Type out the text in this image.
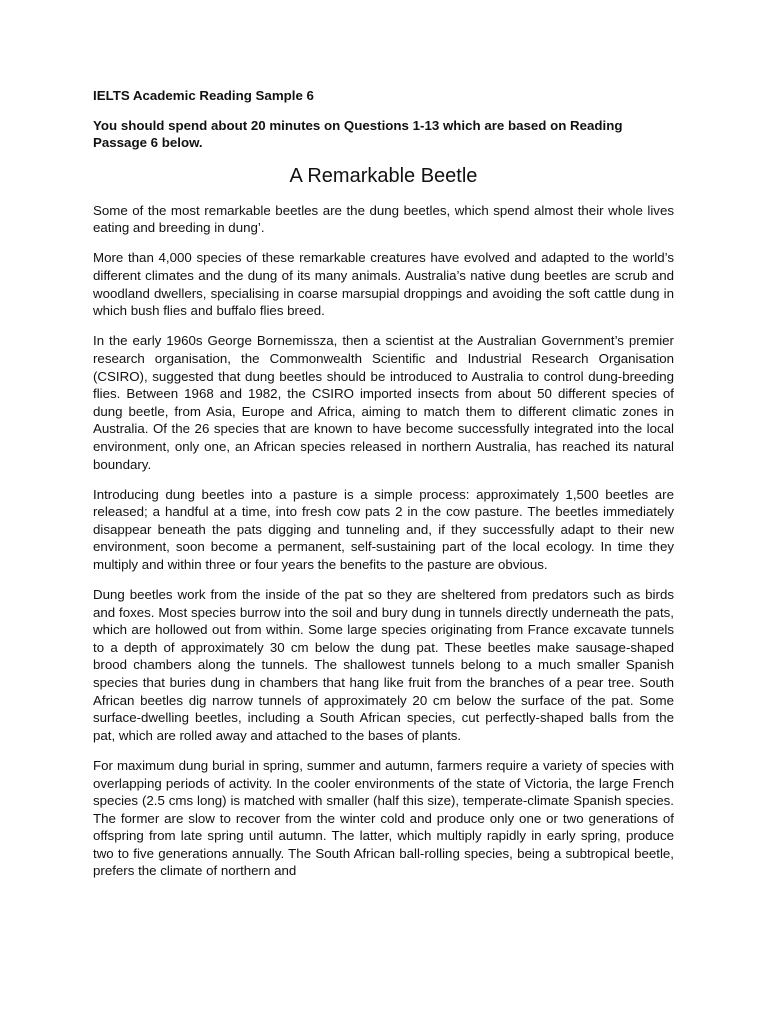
IELTS Academic Reading Sample 6

You should spend about 20 minutes on Questions 1-13 which are based on Reading Passage 6 below.

A Remarkable Beetle

Some of the most remarkable beetles are the dung beetles, which spend almost their whole lives eating and breeding in dung’.

More than 4,000 species of these remarkable creatures have evolved and adapted to the world’s different climates and the dung of its many animals. Australia’s native dung beetles are scrub and woodland dwellers, specialising in coarse marsupial droppings and avoiding the soft cattle dung in which bush flies and buffalo flies breed.

In the early 1960s George Bornemissza, then a scientist at the Australian Government’s premier research organisation, the Commonwealth Scientific and Industrial Research Organisation (CSIRO), suggested that dung beetles should be introduced to Australia to control dung-breeding flies. Between 1968 and 1982, the CSIRO imported insects from about 50 different species of dung beetle, from Asia, Europe and Africa, aiming to match them to different climatic zones in Australia. Of the 26 species that are known to have become successfully integrated into the local environment, only one, an African species released in northern Australia, has reached its natural boundary.

Introducing dung beetles into a pasture is a simple process: approximately 1,500 beetles are released; a handful at a time, into fresh cow pats 2 in the cow pasture. The beetles immediately disappear beneath the pats digging and tunneling and, if they successfully adapt to their new environment, soon become a permanent, self-sustaining part of the local ecology. In time they multiply and within three or four years the benefits to the pasture are obvious.

Dung beetles work from the inside of the pat so they are sheltered from predators such as birds and foxes. Most species burrow into the soil and bury dung in tunnels directly underneath the pats, which are hollowed out from within. Some large species originating from France excavate tunnels to a depth of approximately 30 cm below the dung pat. These beetles make sausage-shaped brood chambers along the tunnels. The shallowest tunnels belong to a much smaller Spanish species that buries dung in chambers that hang like fruit from the branches of a pear tree. South African beetles dig narrow tunnels of approximately 20 cm below the surface of the pat. Some surface-dwelling beetles, including a South African species, cut perfectly-shaped balls from the pat, which are rolled away and attached to the bases of plants.

For maximum dung burial in spring, summer and autumn, farmers require a variety of species with overlapping periods of activity. In the cooler environments of the state of Victoria, the large French species (2.5 cms long) is matched with smaller (half this size), temperate-climate Spanish species. The former are slow to recover from the winter cold and produce only one or two generations of offspring from late spring until autumn. The latter, which multiply rapidly in early spring, produce two to five generations annually. The South African ball-rolling species, being a subtropical beetle, prefers the climate of northern and
